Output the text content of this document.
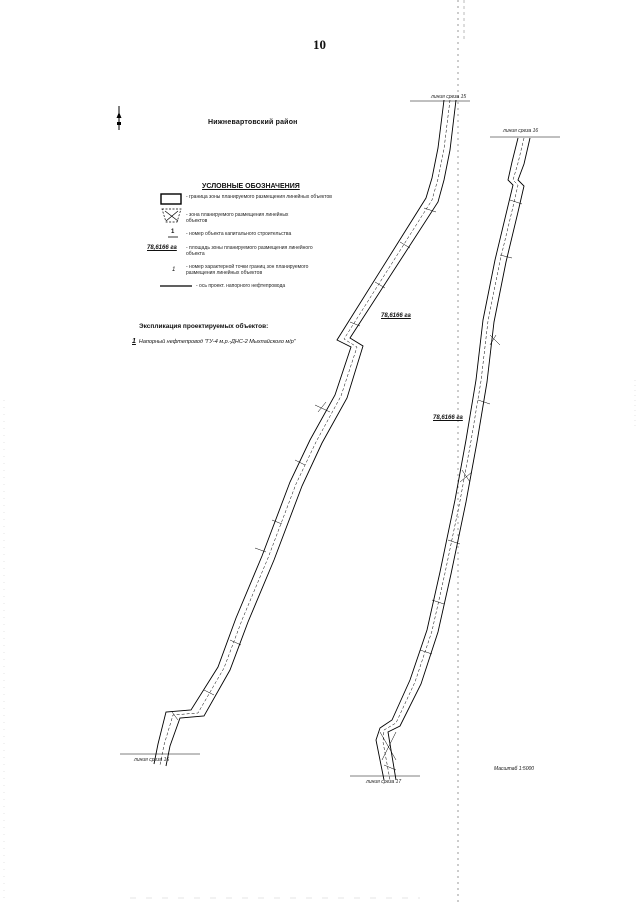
10
Нижневартовский район
УСЛОВНЫЕ ОБОЗНАЧЕНИЯ
- граница зоны планируемого размещения линейных объектов
- зона планируемого размещения линейных объектов
1 - номер объекта капитального строительства
78,6166 га - площадь зоны планируемого размещения линейного объекта
1 - номер характерной точки границ зон планируемого размещения линейных объектов
- ось проект. напорного нефтепровода
Экспликация проектируемых объектов:
1 Напорный нефтепровод "ГУ-4 м.р.-ДНС-2 Мыхпайского м/р"
78,6166 га
78,6166 га
линия среза 15
линия среза 16
линия среза 16
линия среза 17
Масштаб 1:5000
